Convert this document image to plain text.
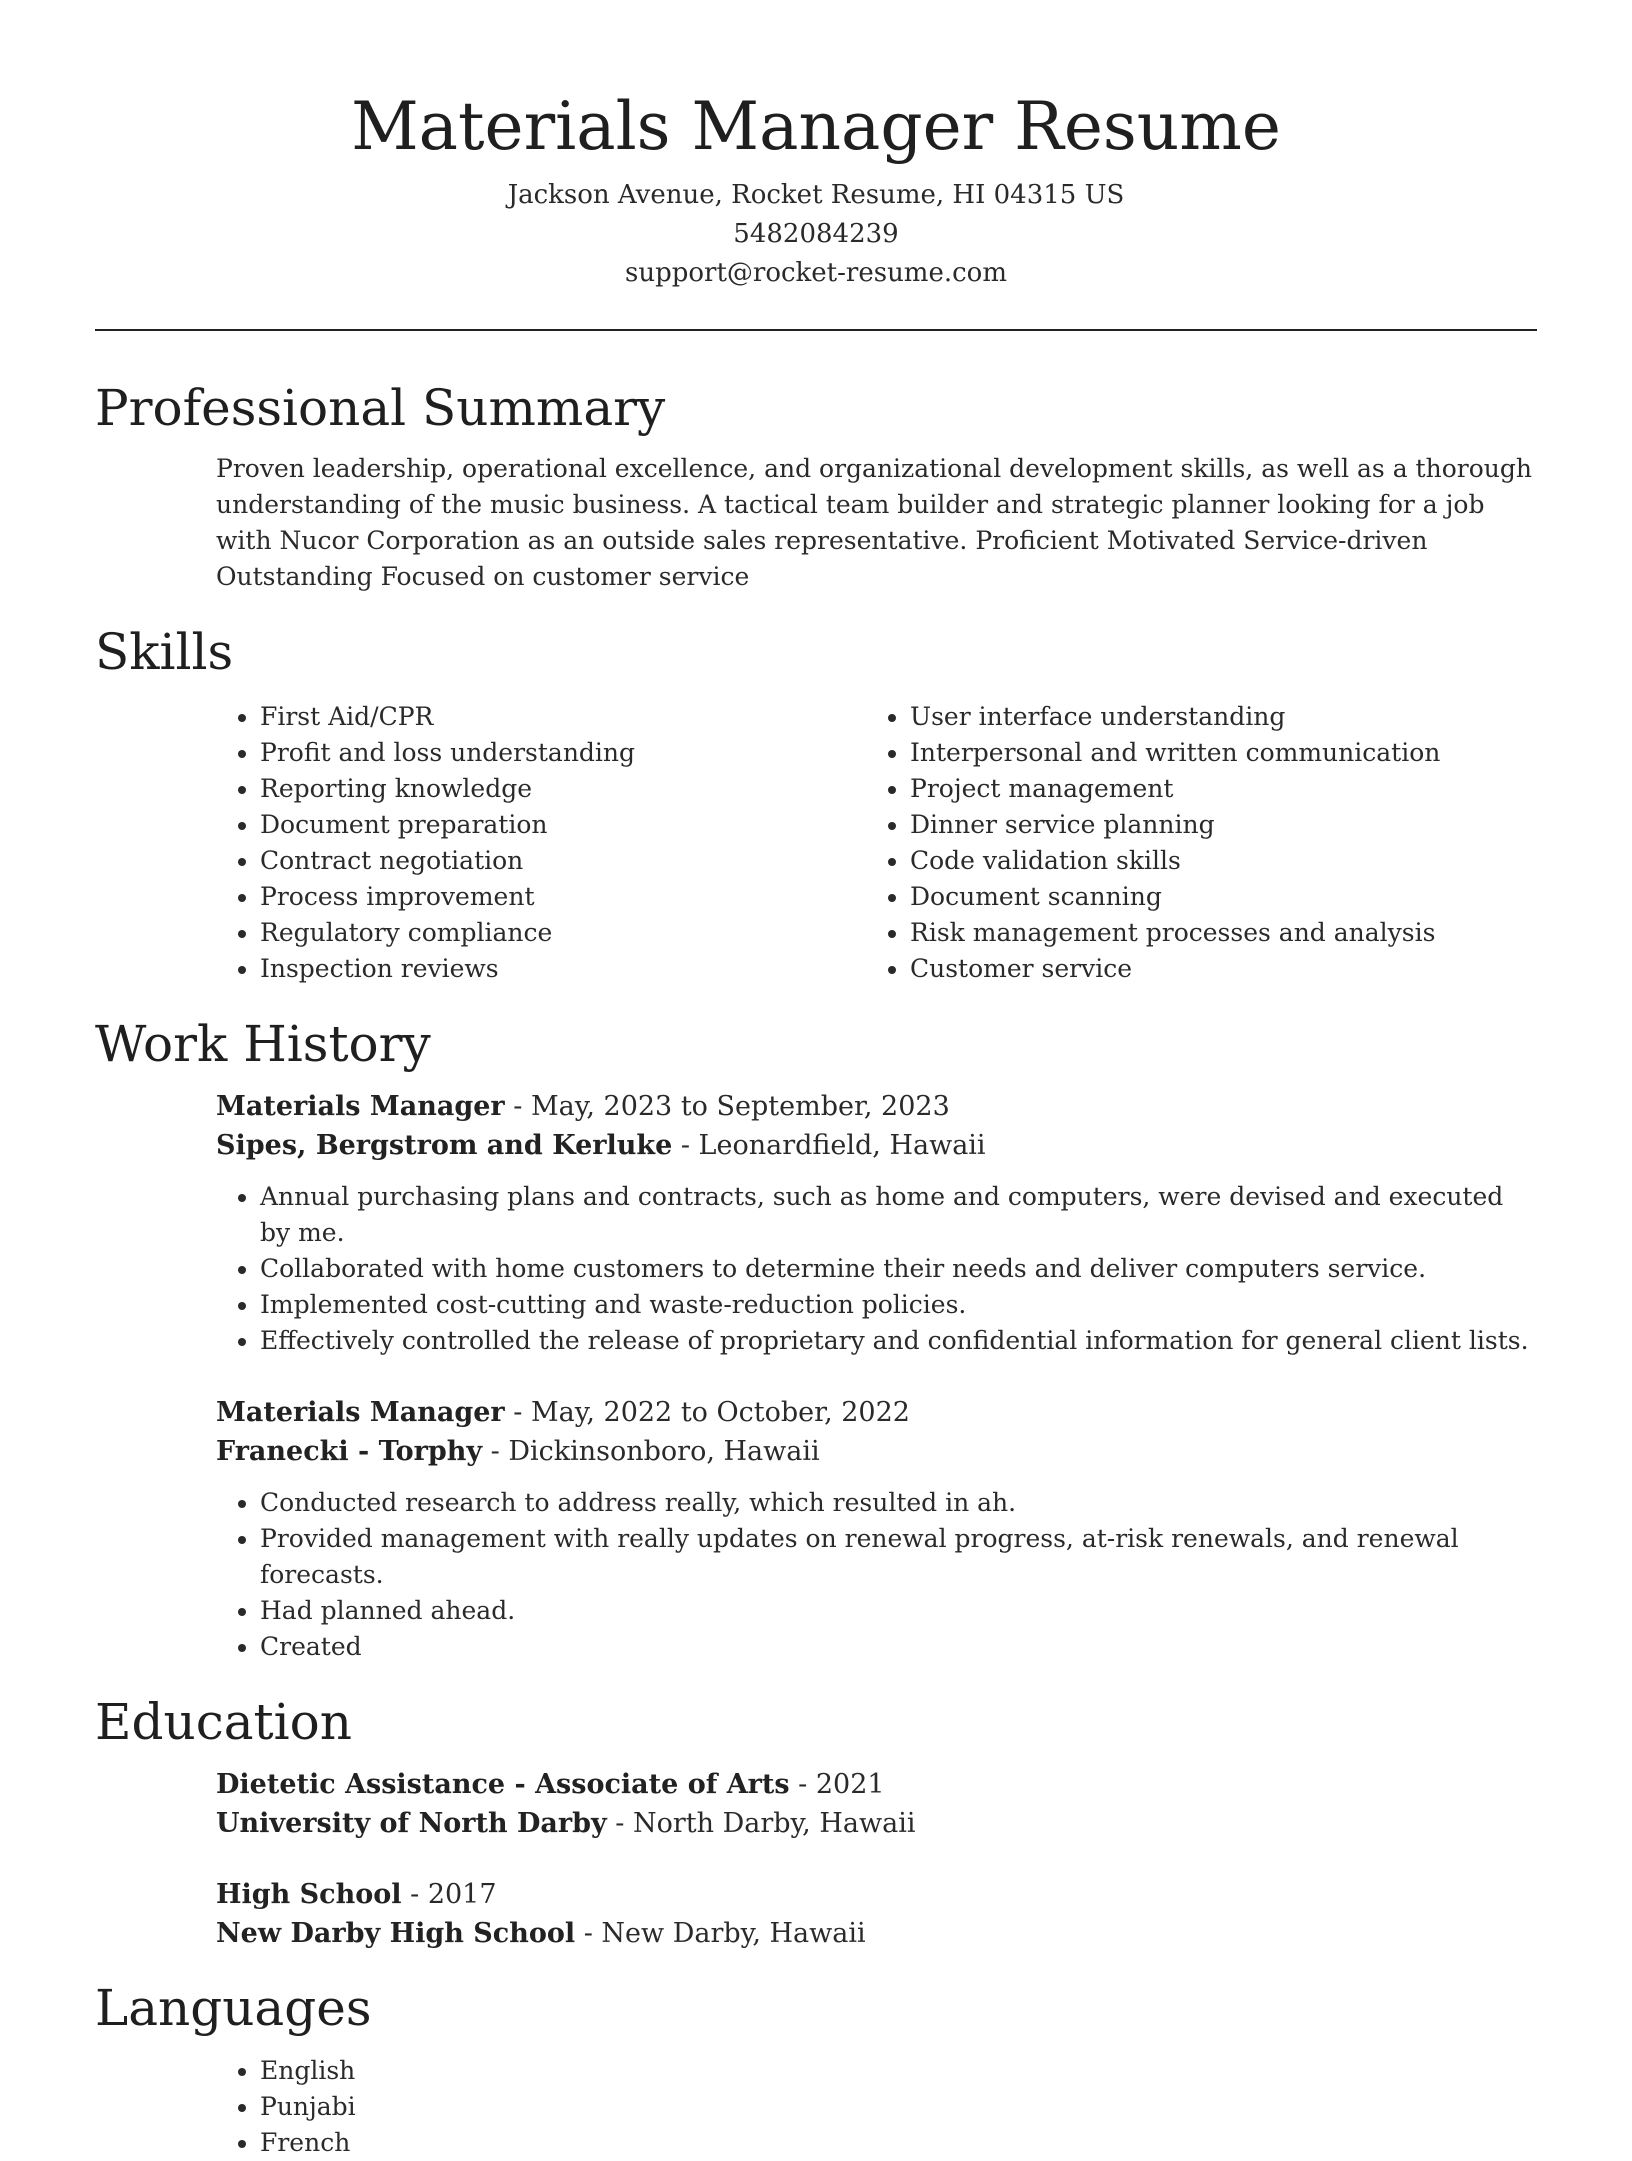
Materials Manager Resume
Jackson Avenue, Rocket Resume, HI 04315 US
5482084239
support@rocket-resume.com
Professional Summary
Proven leadership, operational excellence, and organizational development skills, as well as a thorough understanding of the music business. A tactical team builder and strategic planner looking for a job with Nucor Corporation as an outside sales representative. Proficient Motivated Service-driven Outstanding Focused on customer service
Skills
• First Aid/CPR
• Profit and loss understanding
• Reporting knowledge
• Document preparation
• Contract negotiation
• Process improvement
• Regulatory compliance
• Inspection reviews
• User interface understanding
• Interpersonal and written communication
• Project management
• Dinner service planning
• Code validation skills
• Document scanning
• Risk management processes and analysis
• Customer service
Work History
Materials Manager - May, 2023 to September, 2023
Sipes, Bergstrom and Kerluke - Leonardfield, Hawaii
• Annual purchasing plans and contracts, such as home and computers, were devised and executed by me.
• Collaborated with home customers to determine their needs and deliver computers service.
• Implemented cost-cutting and waste-reduction policies.
• Effectively controlled the release of proprietary and confidential information for general client lists.
Materials Manager - May, 2022 to October, 2022
Franecki - Torphy - Dickinsonboro, Hawaii
• Conducted research to address really, which resulted in ah.
• Provided management with really updates on renewal progress, at-risk renewals, and renewal forecasts.
• Had planned ahead.
• Created
Education
Dietetic Assistance - Associate of Arts - 2021
University of North Darby - North Darby, Hawaii
High School - 2017
New Darby High School - New Darby, Hawaii
Languages
• English
• Punjabi
• French
